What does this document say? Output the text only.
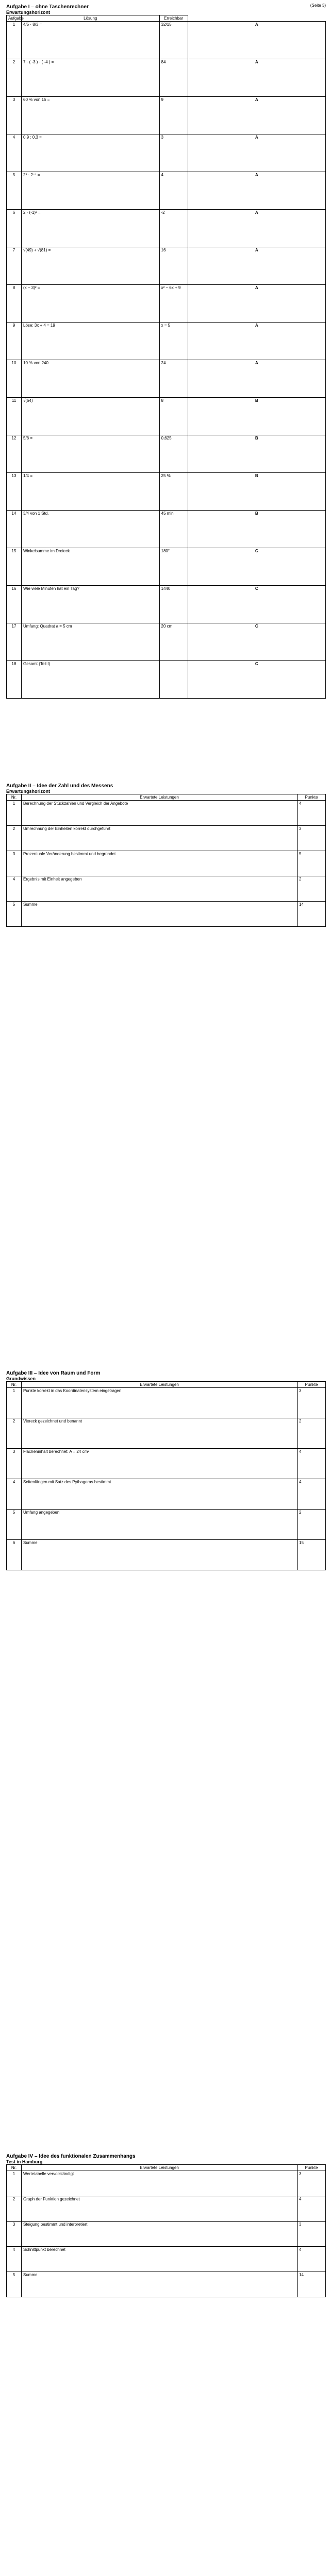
(Seite 3)
Aufgabe I – ohne Taschenrechner
Erwartungshorizont
Aufgabe	Lösung	Erreichbar	
1	4/5 · 8/3 =	32/15	A
2	7 · ( -3 ) · ( -4 ) =	84	A
3	60 % von 15 =	9	A
4	0,9 : 0,3 =	3	A
5	2³ · 2⁻¹ =	4	A
6	2 · (-1)³ =	-2	A
7	√(49) + √(81) =	16	A
8	(x − 3)² =	x² − 6x + 9	A
9	Löse: 3x + 4 = 19	x = 5	A
10	10 % von 240	24	A
11	√(64)	8	B
12	5/8 =	0,625	B
13	1/4 =	25 %	B
14	3/4 von 1 Std.	45 min	B
15	Winkelsumme im Dreieck	180°	C
16	Wie viele Minuten hat ein Tag?	1440	C
17	Umfang: Quadrat a = 5 cm	20 cm	C
18	Gesamt (Teil I)		C
Aufgabe II – Idee der Zahl und des Messens
Erwartungshorizont
Nr.	Erwartete Leistungen	Punkte
1	Berechnung der Stückzahlen und Vergleich der Angebote	4
2	Umrechnung der Einheiten korrekt durchgeführt	3
3	Prozentuale Veränderung bestimmt und begründet	5
4	Ergebnis mit Einheit angegeben	2
5	Summe	14
Aufgabe III – Idee von Raum und Form
Grundwissen
Nr.	Erwartete Leistungen	Punkte
1	Punkte korrekt in das Koordinatensystem eingetragen	3
2	Viereck gezeichnet und benannt	2
3	Flächeninhalt berechnet: A = 24 cm²	4
4	Seitenlängen mit Satz des Pythagoras bestimmt	4
5	Umfang angegeben	2
6	Summe	15
Aufgabe IV – Idee des funktionalen Zusammenhangs
Test in Hamburg
Nr.	Erwartete Leistungen	Punkte
1	Wertetabelle vervollständigt	3
2	Graph der Funktion gezeichnet	4
3	Steigung bestimmt und interpretiert	3
4	Schnittpunkt berechnet	4
5	Summe	14
